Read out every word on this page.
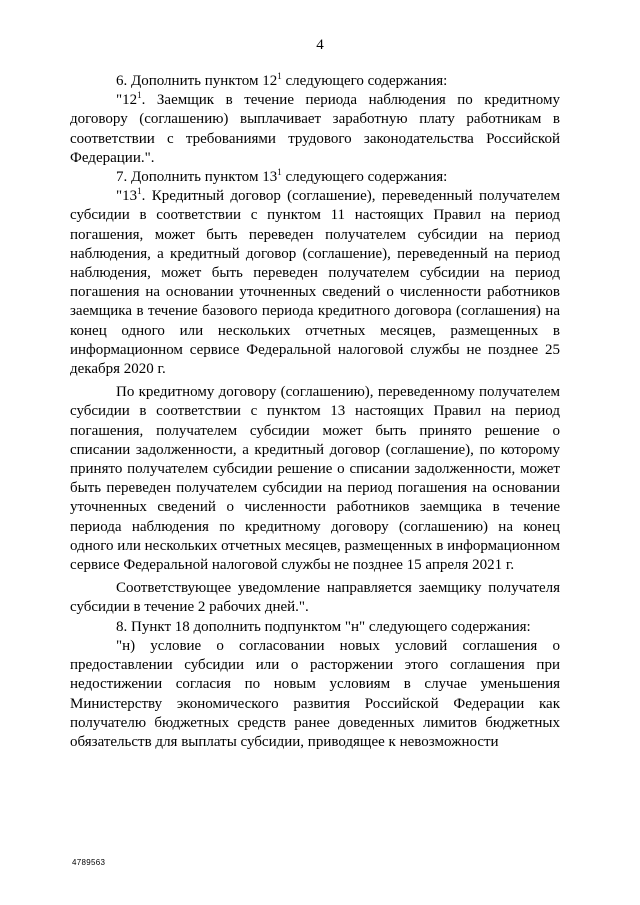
4

6. Дополнить пунктом $12^1$ следующего содержания:

"$12^1$. Заемщик в течение периода наблюдения по кредитному договору (соглашению) выплачивает заработную плату работникам в соответствии с требованиями трудового законодательства Российской Федерации.".

7. Дополнить пунктом $13^1$ следующего содержания:

"$13^1$. Кредитный договор (соглашение), переведенный получателем субсидии в соответствии с пунктом 11 настоящих Правил на период погашения, может быть переведен получателем субсидии на период наблюдения, а кредитный договор (соглашение), переведенный на период наблюдения, может быть переведен получателем субсидии на период погашения на основании уточненных сведений о численности работников заемщика в течение базового периода кредитного договора (соглашения) на конец одного или нескольких отчетных месяцев, размещенных в информационном сервисе Федеральной налоговой службы не позднее 25 декабря 2020 г.

По кредитному договору (соглашению), переведенному получателем субсидии в соответствии с пунктом 13 настоящих Правил на период погашения, получателем субсидии может быть принято решение о списании задолженности, а кредитный договор (соглашение), по которому принято получателем субсидии решение о списании задолженности, может быть переведен получателем субсидии на период погашения на основании уточненных сведений о численности работников заемщика в течение периода наблюдения по кредитному договору (соглашению) на конец одного или нескольких отчетных месяцев, размещенных в информационном сервисе Федеральной налоговой службы не позднее 15 апреля 2021 г.

Соответствующее уведомление направляется заемщику получателя субсидии в течение 2 рабочих дней.".

8. Пункт 18 дополнить подпунктом "н" следующего содержания:

"н) условие о согласовании новых условий соглашения о предоставлении субсидии или о расторжении этого соглашения при недостижении согласия по новым условиям в случае уменьшения Министерству экономического развития Российской Федерации как получателю бюджетных средств ранее доведенных лимитов бюджетных обязательств для выплаты субсидии, приводящее к невозможности

4789563
